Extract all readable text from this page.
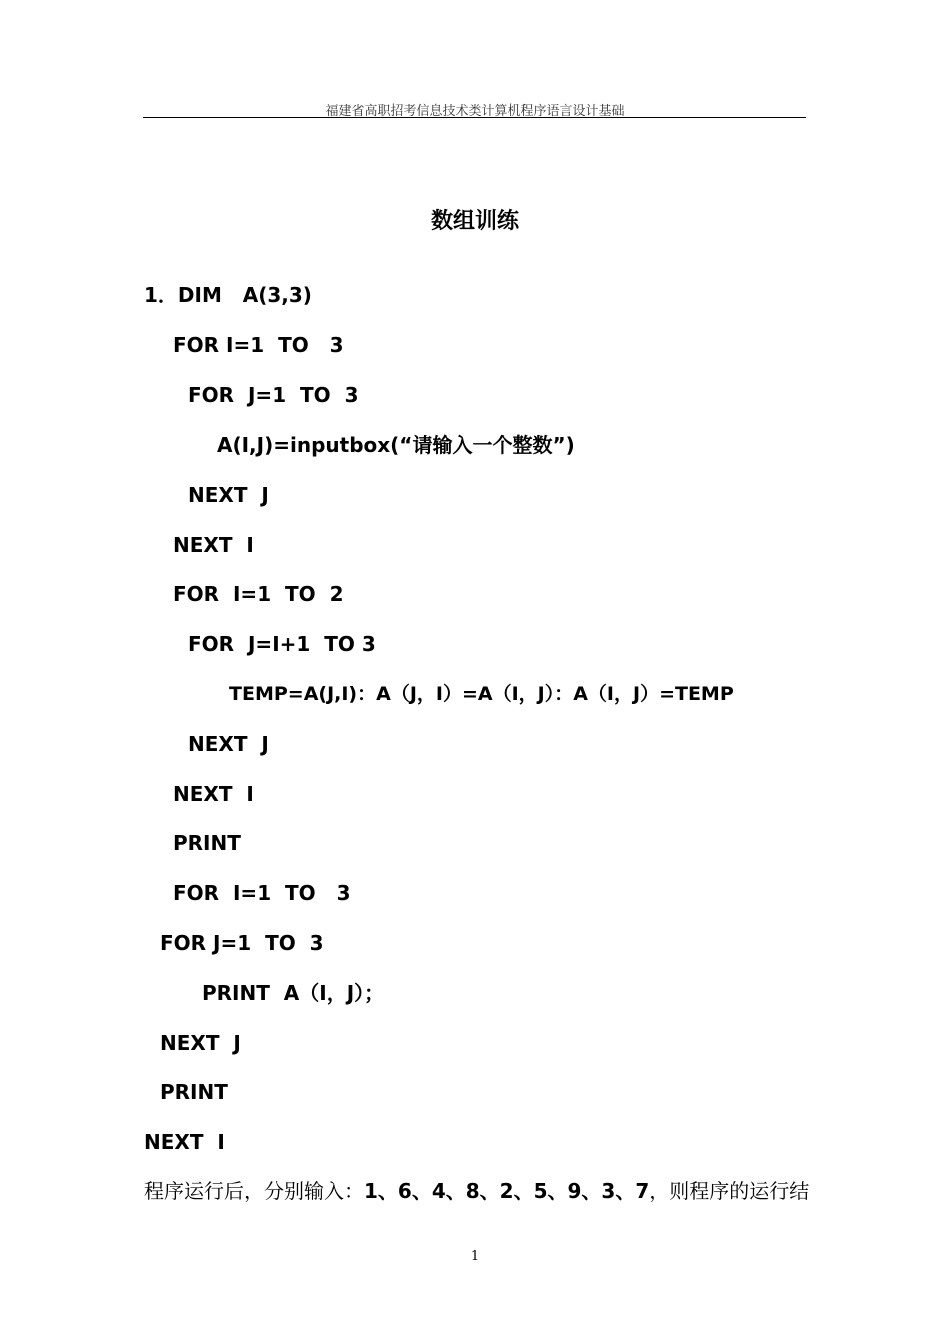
福建省高职招考信息技术类计算机程序语言设计基础
数组训练
1．DIM   A(3,3)
FOR I=1  TO   3
FOR  J=1  TO  3
A(I,J)=inputbox(“请输入一个整数”)
NEXT  J
NEXT  I
FOR  I=1  TO  2
FOR  J=I+1  TO 3
TEMP=A(J,I)：A（J，I）=A（I，J）：A（I，J）=TEMP
NEXT  J
NEXT  I
PRINT
FOR  I=1  TO   3
FOR J=1  TO  3
PRINT  A（I，J）；
NEXT  J
PRINT
NEXT  I
程序运行后，分别输入：1、6、4、8、2、5、9、3、7，则程序的运行结
1
